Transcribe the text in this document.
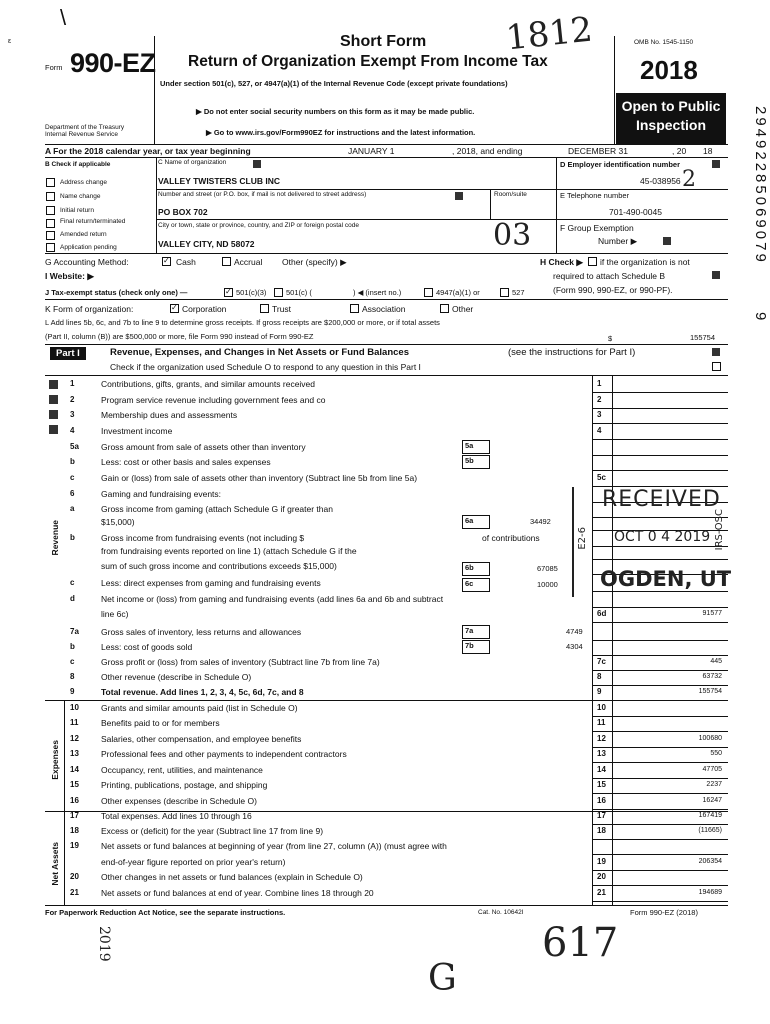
1812
\
ε
Form 990-EZ
Department of the Treasury
Internal Revenue Service
Short Form
Return of Organization Exempt From Income Tax
Under section 501(c), 527, or 4947(a)(1) of the Internal Revenue Code (except private foundations)
▶ Do not enter social security numbers on this form as it may be made public.
▶ Go to www.irs.gov/Form990EZ for instructions and the latest information.
OMB No. 1545-1150
2018
Open to Public
Inspection	29492285069079
9
A For the 2018 calendar year, or tax year beginning	JANUARY 1	, 2018, and ending	DECEMBER 31	, 20 18
B Check if applicable
Address change
Name change
Initial return
Final return/terminated
Amended return
Application pending
C Name of organization
VALLEY TWISTERS CLUB INC
Number and street (or P.O. box, if mail is not delivered to street address)	Room/suite
PO BOX 702
City or town, state or province, country, and ZIP or foreign postal code
VALLEY CITY, ND 58072	03
D Employer identification number
45-038956 2
E Telephone number
701-490-0045
F Group Exemption
Number ▶
G Accounting Method:	✓ Cash	Accrual Other (specify) ▶	H Check ▶ if the organization is not
required to attach Schedule B
(Form 990, 990-EZ, or 990-PF).
I Website: ▶
J Tax-exempt status (check only one) —	✓ 501(c)(3)	501(c) (	) ◀ (insert no.)	4947(a)(1) or	527
K Form of organization:	✓ Corporation	Trust	Association	Other
L Add lines 5b, 6c, and 7b to line 9 to determine gross receipts. If gross receipts are $200,000 or more, or if total assets
(Part II, column (B)) are $500,000 or more, file Form 990 instead of Form 990-EZ	$	155754
Part I	Revenue, Expenses, and Changes in Net Assets or Fund Balances	(see the instructions for Part I)
Check if the organization used Schedule O to respond to any question in this Part I
Revenue
Expenses
Net Assets
1	Contributions, gifts, grants, and similar amounts received	1
2	Program service revenue including government fees and co	2
3	Membership dues and assessments	3
4	Investment income	4
5a	Gross amount from sale of assets other than inventory
b	Less: cost or other basis and sales expenses
c	Gain or (loss) from sale of assets other than inventory (Subtract line 5b from line 5a)	5c
6	Gaming and fundraising events:
a	Gross income from gaming (attach Schedule G if greater than
$15,000)
b	Gross income from fundraising events (not including $
from fundraising events reported on line 1) (attach Schedule G if the
sum of such gross income and contributions exceeds $15,000)
c	Less: direct expenses from gaming and fundraising events
d	Net income or (loss) from gaming and fundraising events (add lines 6a and 6b and subtract
line 6c)	6d	91577
7a	Gross sales of inventory, less returns and allowances
b	Less: cost of goods sold
c	Gross profit or (loss) from sales of inventory (Subtract line 7b from line 7a)	7c	445
8	Other revenue (describe in Schedule O)	8	63732
9	Total revenue. Add lines 1, 2, 3, 4, 5c, 6d, 7c, and 8	9	155754
10	Grants and similar amounts paid (list in Schedule O)	10
11	Benefits paid to or for members	11
12	Salaries, other compensation, and employee benefits	12	100680
13	Professional fees and other payments to independent contractors	13	550
14	Occupancy, rent, utilities, and maintenance	14	47705
15	Printing, publications, postage, and shipping	15	2237
16	Other expenses (describe in Schedule O)	16	16247
17	Total expenses. Add lines 10 through 16	17	167419
18	Excess or (deficit) for the year (Subtract line 17 from line 9)	18	(11665)
19	Net assets or fund balances at beginning of year (from line 27, column (A)) (must agree with
end-of-year figure reported on prior year's return)	19	206354
20	Other changes in net assets or fund balances (explain in Schedule O)	20
21	Net assets or fund balances at end of year. Combine lines 18 through 20	21	194689
5a
5b
6a	34492
of contributions
6b	67085
6c	10000
7a	4749
7b	4304
RECEIVED
OCT 0 4 2019
OGDEN, UT
E2-6	IRS-OSC
For Paperwork Reduction Act Notice, see the separate instructions.	Cat. No. 10642I	Form 990-EZ (2018)
2019	617
G
